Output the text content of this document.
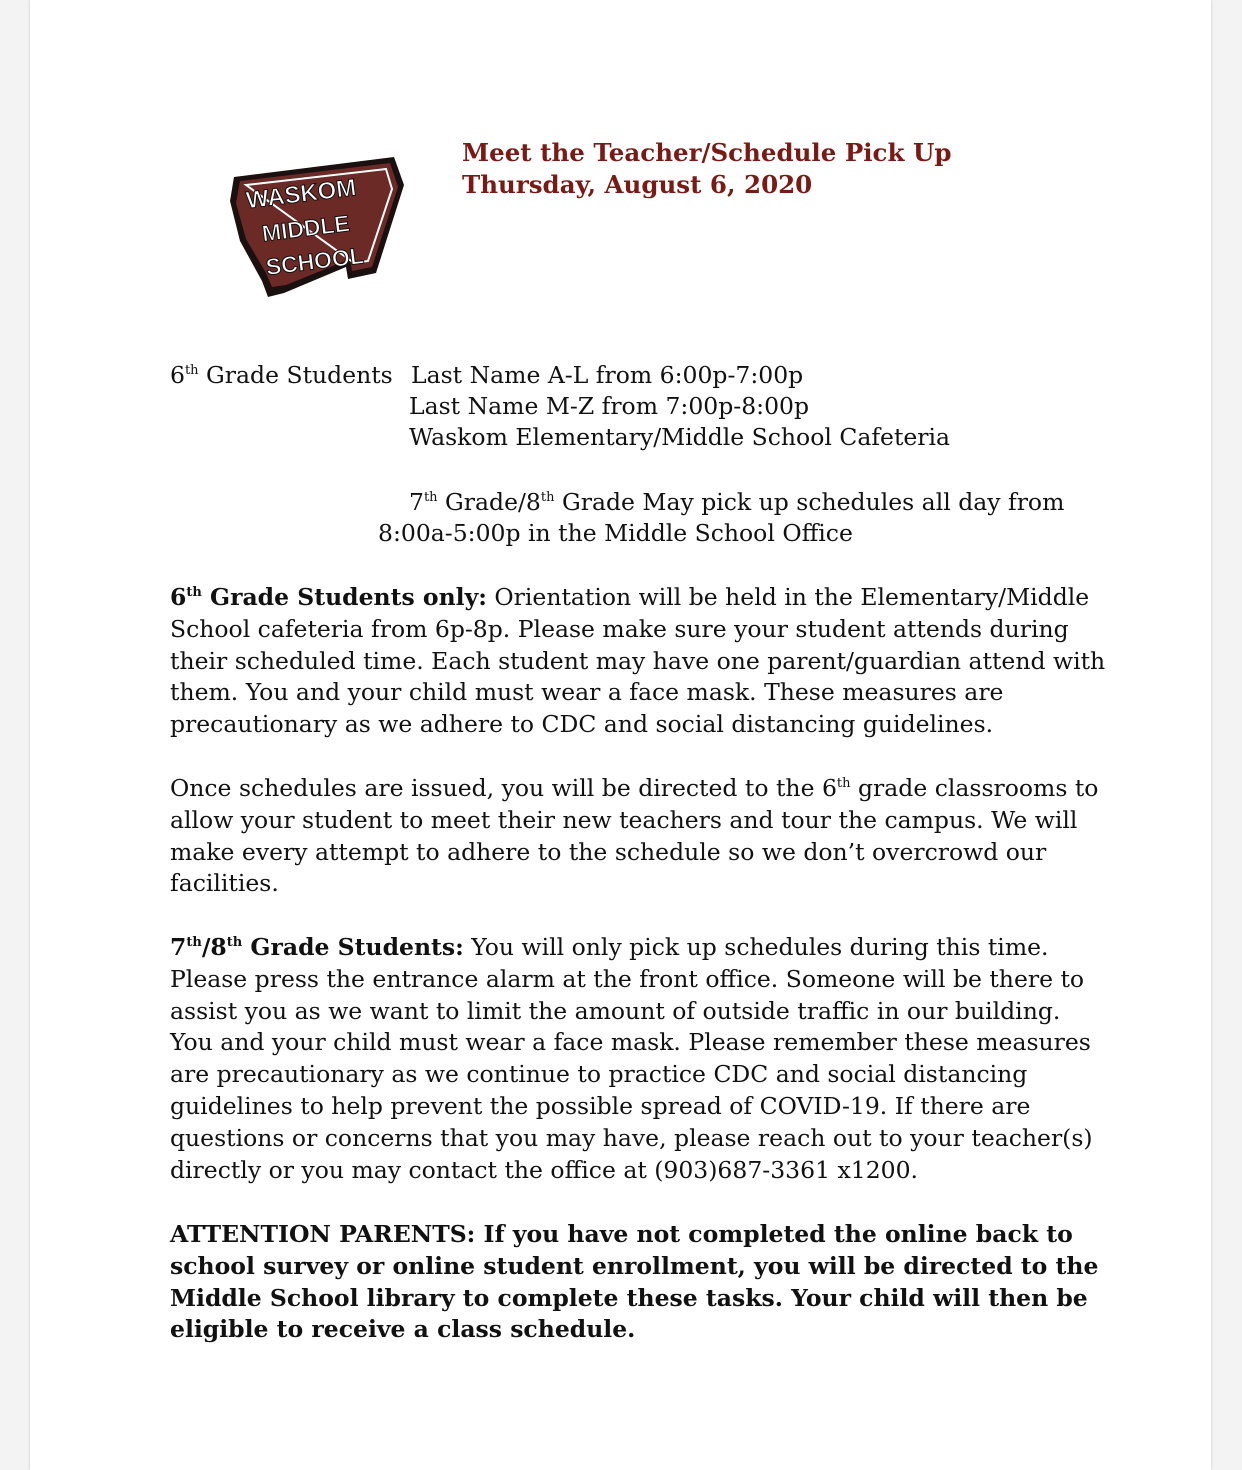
WASKOM
MIDDLE
SCHOOL
Meet the Teacher/Schedule Pick Up
Thursday, August 6, 2020
6th Grade Students Last Name A-L from 6:00p-7:00p
Last Name M-Z from 7:00p-8:00p
Waskom Elementary/Middle School Cafeteria
7th Grade/8th Grade May pick up schedules all day from
8:00a-5:00p in the Middle School Office
6th Grade Students only: Orientation will be held in the Elementary/Middle
School cafeteria from 6p-8p. Please make sure your student attends during
their scheduled time. Each student may have one parent/guardian attend with
them. You and your child must wear a face mask. These measures are
precautionary as we adhere to CDC and social distancing guidelines.
Once schedules are issued, you will be directed to the 6th grade classrooms to
allow your student to meet their new teachers and tour the campus. We will
make every attempt to adhere to the schedule so we don’t overcrowd our
facilities.
7th/8th Grade Students: You will only pick up schedules during this time.
Please press the entrance alarm at the front office. Someone will be there to
assist you as we want to limit the amount of outside traffic in our building.
You and your child must wear a face mask. Please remember these measures
are precautionary as we continue to practice CDC and social distancing
guidelines to help prevent the possible spread of COVID-19. If there are
questions or concerns that you may have, please reach out to your teacher(s)
directly or you may contact the office at (903)687-3361 x1200.
ATTENTION PARENTS: If you have not completed the online back to
school survey or online student enrollment, you will be directed to the
Middle School library to complete these tasks. Your child will then be
eligible to receive a class schedule.
